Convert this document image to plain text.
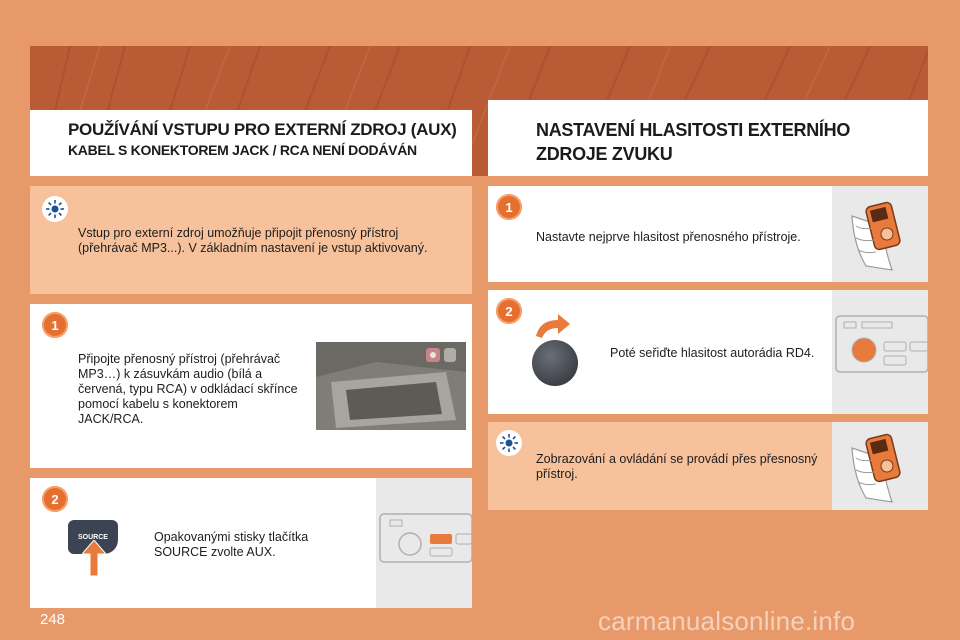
POUŽÍVÁNÍ VSTUPU PRO EXTERNÍ ZDROJ (AUX)
KABEL S KONEKTOREM JACK / RCA NENÍ DODÁVÁN
NASTAVENÍ HLASITOSTI EXTERNÍHO
ZDROJE ZVUKU
Vstup pro externí zdroj umožňuje připojit přenosný přístroj (přehrávač MP3...). V základním nastavení je vstup aktivovaný.
1
Připojte přenosný přístroj (přehrávač MP3…) k zásuvkám audio (bílá a červená, typu RCA) v odkládací skřínce pomocí kabelu s konektorem JACK/RCA.
2
SOURCE	Opakovanými stisky tlačítka SOURCE zvolte AUX.
1
Nastavte nejprve hlasitost přenosného přístroje.
2
Poté seřiďte hlasitost autorádia RD4.
Zobrazování a ovládání se provádí přes přesnosný přístroj.
248	carmanualsonline.info
